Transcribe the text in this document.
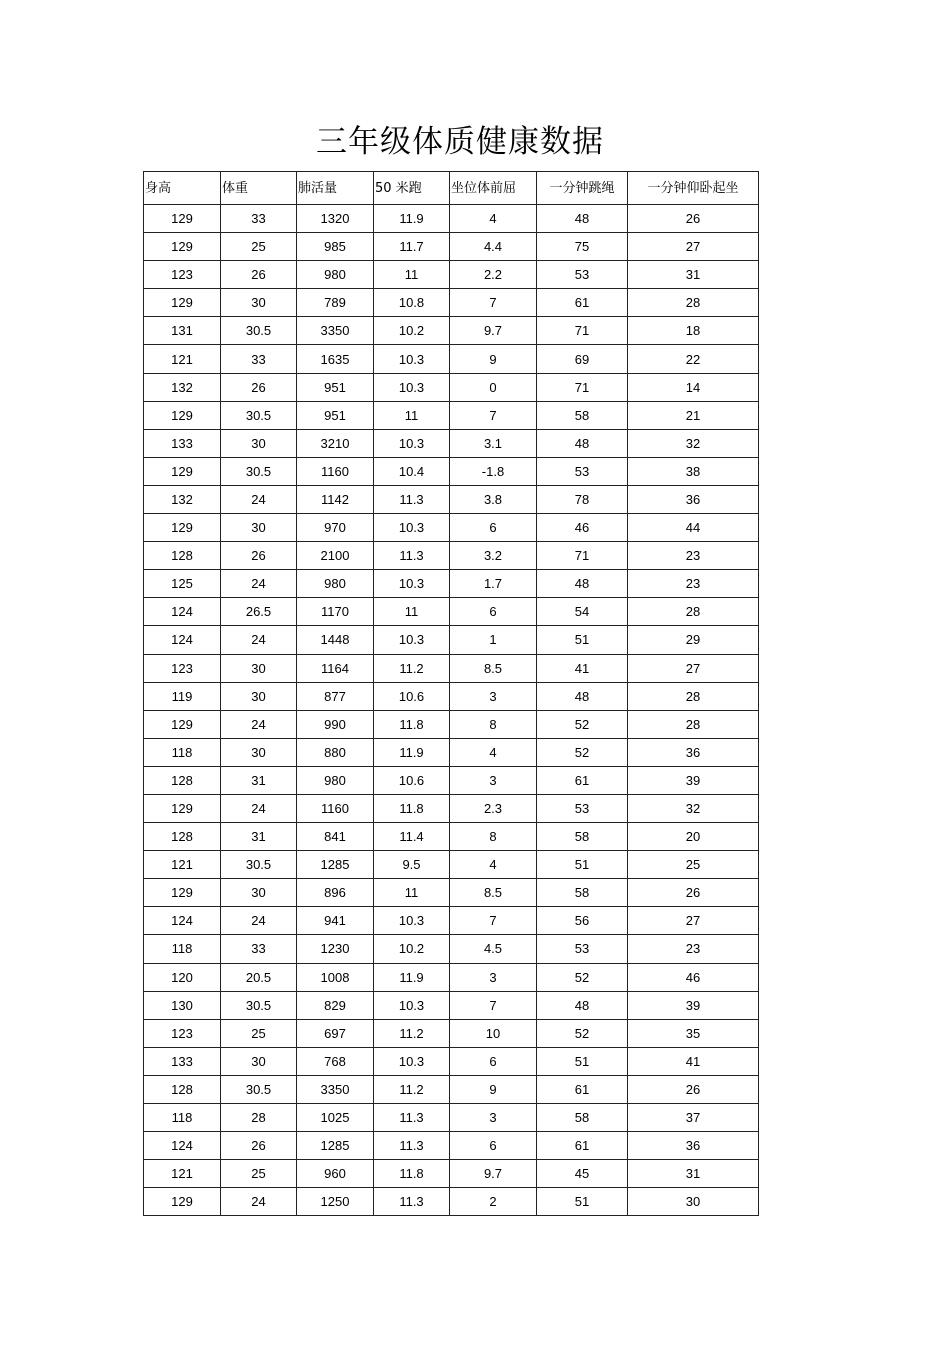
三年级体质健康数据
身高	体重	肺活量	50 米跑	坐位体前屈	一分钟跳绳	一分钟仰卧起坐
129	33	1320	11.9	4	48	26
129	25	985	11.7	4.4	75	27
123	26	980	11	2.2	53	31
129	30	789	10.8	7	61	28
131	30.5	3350	10.2	9.7	71	18
121	33	1635	10.3	9	69	22
132	26	951	10.3	0	71	14
129	30.5	951	11	7	58	21
133	30	3210	10.3	3.1	48	32
129	30.5	1160	10.4	-1.8	53	38
132	24	1142	11.3	3.8	78	36
129	30	970	10.3	6	46	44
128	26	2100	11.3	3.2	71	23
125	24	980	10.3	1.7	48	23
124	26.5	1170	11	6	54	28
124	24	1448	10.3	1	51	29
123	30	1164	11.2	8.5	41	27
119	30	877	10.6	3	48	28
129	24	990	11.8	8	52	28
118	30	880	11.9	4	52	36
128	31	980	10.6	3	61	39
129	24	1160	11.8	2.3	53	32
128	31	841	11.4	8	58	20
121	30.5	1285	9.5	4	51	25
129	30	896	11	8.5	58	26
124	24	941	10.3	7	56	27
118	33	1230	10.2	4.5	53	23
120	20.5	1008	11.9	3	52	46
130	30.5	829	10.3	7	48	39
123	25	697	11.2	10	52	35
133	30	768	10.3	6	51	41
128	30.5	3350	11.2	9	61	26
118	28	1025	11.3	3	58	37
124	26	1285	11.3	6	61	36
121	25	960	11.8	9.7	45	31
129	24	1250	11.3	2	51	30
